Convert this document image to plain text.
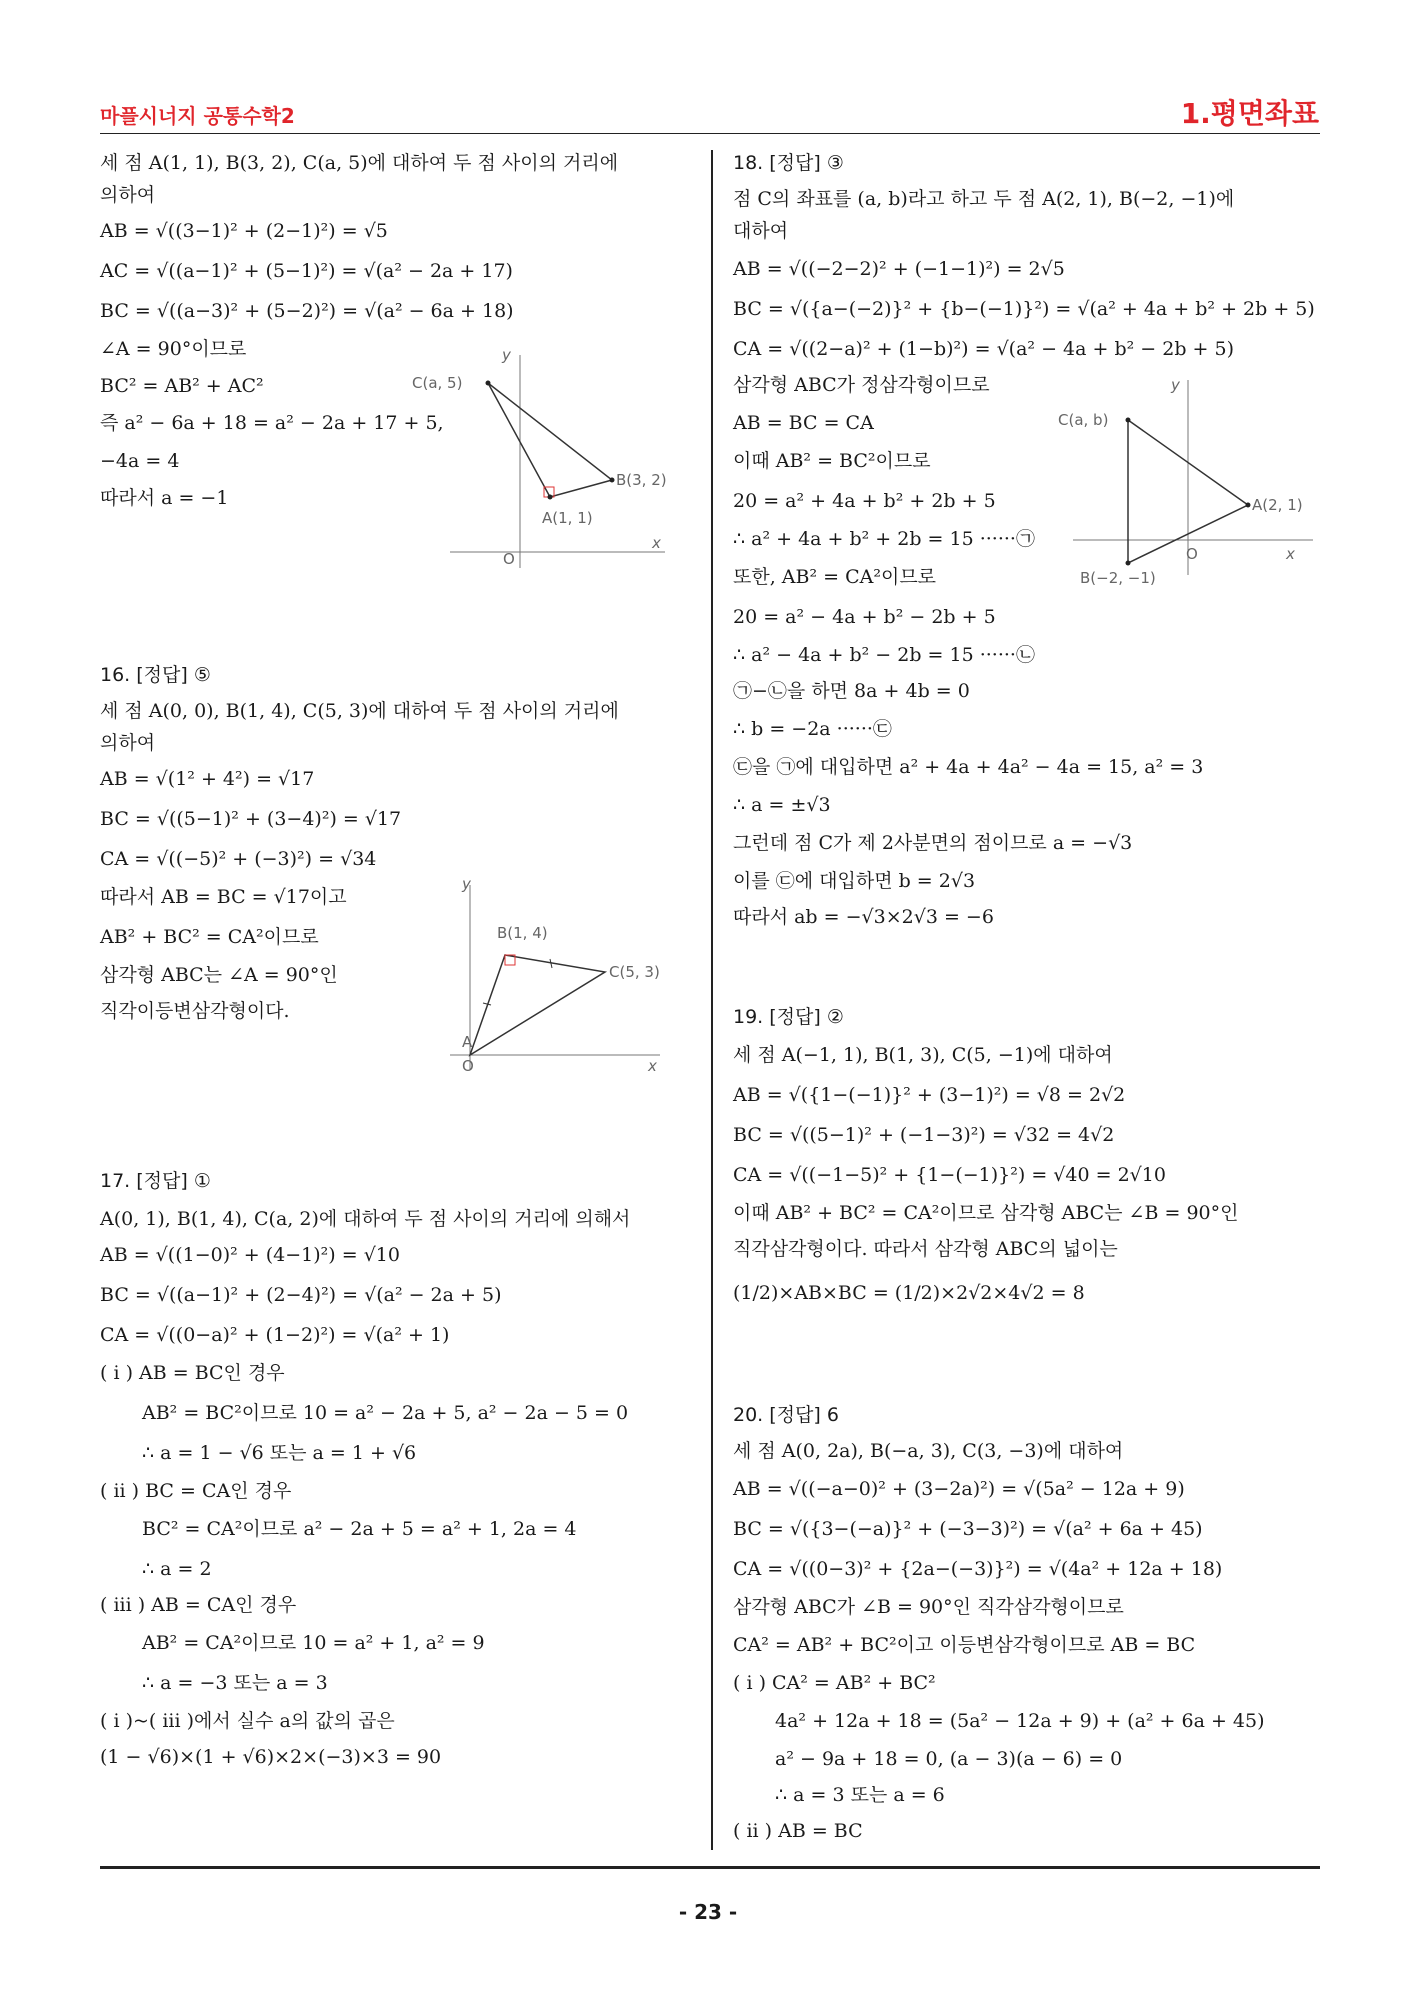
마플시너지 공통수학2	1.평면좌표
- 23 -
세 점 A(1, 1), B(3, 2), C(a, 5)에 대하여 두 점 사이의 거리에
의하여
AB = √((3−1)² + (2−1)²) = √5
AC = √((a−1)² + (5−1)²) = √(a² − 2a + 17)
BC = √((a−3)² + (5−2)²) = √(a² − 6a + 18)
∠A = 90°이므로
BC² = AB² + AC²
즉 a² − 6a + 18 = a² − 2a + 17 + 5,
−4a = 4
따라서 a = −1
16. [정답] ⑤
세 점 A(0, 0), B(1, 4), C(5, 3)에 대하여 두 점 사이의 거리에
의하여
AB = √(1² + 4²) = √17
BC = √((5−1)² + (3−4)²) = √17
CA = √((−5)² + (−3)²) = √34
따라서 AB = BC = √17이고
AB² + BC² = CA²이므로
삼각형 ABC는 ∠A = 90°인
직각이등변삼각형이다.
17. [정답] ①
A(0, 1), B(1, 4), C(a, 2)에 대하여 두 점 사이의 거리에 의해서
AB = √((1−0)² + (4−1)²) = √10
BC = √((a−1)² + (2−4)²) = √(a² − 2a + 5)
CA = √((0−a)² + (1−2)²) = √(a² + 1)
( i ) AB = BC인 경우
AB² = BC²이므로 10 = a² − 2a + 5, a² − 2a − 5 = 0
∴ a = 1 − √6 또는 a = 1 + √6
( ii ) BC = CA인 경우
BC² = CA²이므로 a² − 2a + 5 = a² + 1, 2a = 4
∴ a = 2
( iii ) AB = CA인 경우
AB² = CA²이므로 10 = a² + 1, a² = 9
∴ a = −3 또는 a = 3
( i )~( iii )에서 실수 a의 값의 곱은
(1 − √6)×(1 + √6)×2×(−3)×3 = 90
18. [정답] ③
점 C의 좌표를 (a, b)라고 하고 두 점 A(2, 1), B(−2, −1)에
대하여
AB = √((−2−2)² + (−1−1)²) = 2√5
BC = √({a−(−2)}² + {b−(−1)}²) = √(a² + 4a + b² + 2b + 5)
CA = √((2−a)² + (1−b)²) = √(a² − 4a + b² − 2b + 5)
삼각형 ABC가 정삼각형이므로
AB = BC = CA
이때 AB² = BC²이므로
20 = a² + 4a + b² + 2b + 5
∴ a² + 4a + b² + 2b = 15 ······㉠
또한, AB² = CA²이므로
20 = a² − 4a + b² − 2b + 5
∴ a² − 4a + b² − 2b = 15 ······㉡
㉠−㉡을 하면 8a + 4b = 0
∴ b = −2a ······㉢
㉢을 ㉠에 대입하면 a² + 4a + 4a² − 4a = 15, a² = 3
∴ a = ±√3
그런데 점 C가 제 2사분면의 점이므로 a = −√3
이를 ㉢에 대입하면 b = 2√3
따라서 ab = −√3×2√3 = −6
19. [정답] ②
세 점 A(−1, 1), B(1, 3), C(5, −1)에 대하여
AB = √({1−(−1)}² + (3−1)²) = √8 = 2√2
BC = √((5−1)² + (−1−3)²) = √32 = 4√2
CA = √((−1−5)² + {1−(−1)}²) = √40 = 2√10
이때 AB² + BC² = CA²이므로 삼각형 ABC는 ∠B = 90°인
직각삼각형이다. 따라서 삼각형 ABC의 넓이는
(1/2)×AB×BC = (1/2)×2√2×4√2 = 8
20. [정답] 6
세 점 A(0, 2a), B(−a, 3), C(3, −3)에 대하여
AB = √((−a−0)² + (3−2a)²) = √(5a² − 12a + 9)
BC = √({3−(−a)}² + (−3−3)²) = √(a² + 6a + 45)
CA = √((0−3)² + {2a−(−3)}²) = √(4a² + 12a + 18)
삼각형 ABC가 ∠B = 90°인 직각삼각형이므로
CA² = AB² + BC²이고 이등변삼각형이므로 AB = BC
( i ) CA² = AB² + BC²
4a² + 12a + 18 = (5a² − 12a + 9) + (a² + 6a + 45)
a² − 9a + 18 = 0, (a − 3)(a − 6) = 0
∴ a = 3 또는 a = 6
( ii ) AB = BC
C(a, 5)
B(3, 2)
A(1, 1)
O
x
y
B(1, 4)
C(5, 3)
A
O	x
y
C(a, b)
A(2, 1)
B(−2, −1)
O	x
y
